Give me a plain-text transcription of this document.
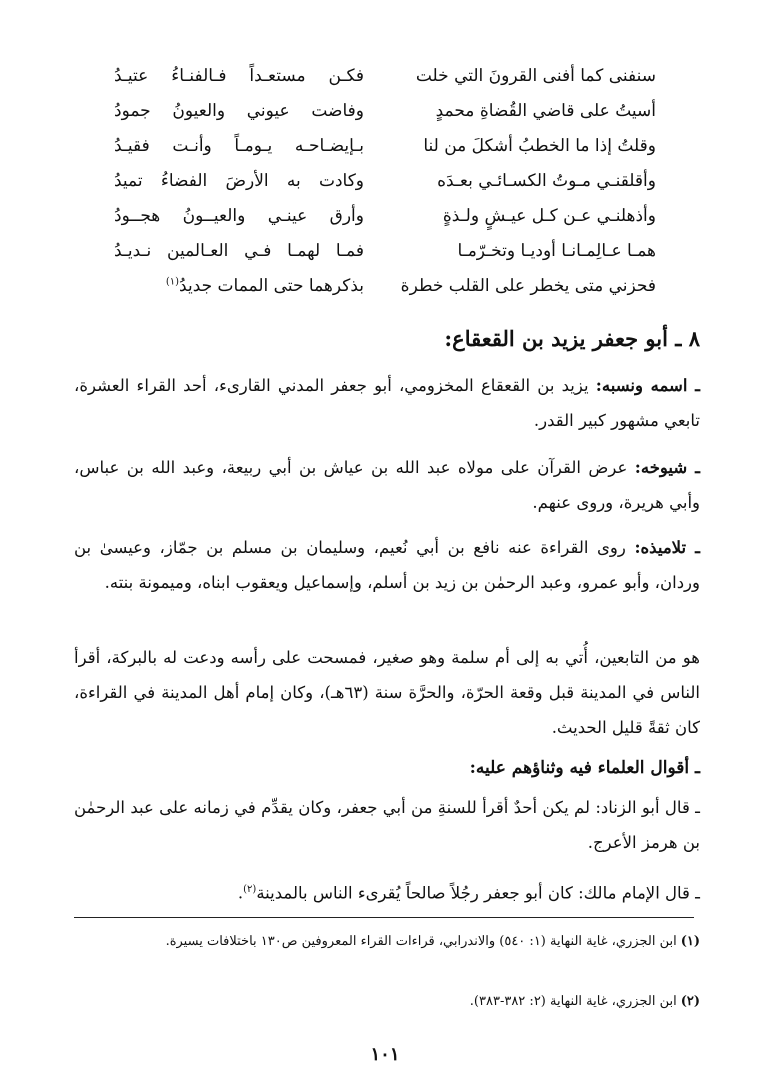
سنفنى كما أفنى القرونَ التي خلت
فكـن مستعـداً فـالفنـاءُ عتيـدُ
أسيتُ على قاضي القُضاةِ محمدٍ
وفاضت عيوني والعيونُ جمودُ
وقلتُ إذا ما الخطبُ أشكلَ من لنا
بـإيضـاحـه يـومـاً وأنـت فقيـدُ
وأقلقنـي مـوتُ الكسـائـي بعـدَه
وكادت به الأرضَ الفضاءُ تميدُ
وأذهلنـي عـن كـل عيـشٍ ولـذةٍ
وأرق عينـي والعيــونُ هجــودُ
همـا عـالِمـانـا أوديـا وتخـرّمـا
فمـا لهمـا فـي العـالمين نـديـدُ
فحزني متى يخطر على القلب خطرة
بذكرهما حتى الممات جديدُ$^{(١)}$
٨ ـ أبو جعفر يزيد بن القعقاع:
ـ اسمه ونسبه: يزيد بن القعقاع المخزومي، أبو جعفر المدني القارىء، أحد القراء العشرة، تابعي مشهور كبير القدر.
ـ شيوخه: عرض القرآن على مولاه عبد الله بن عياش بن أبي ربيعة، وعبد الله بن عباس، وأبي هريرة، وروى عنهم.
ـ تلاميذه: روى القراءة عنه نافع بن أبي نُعيم، وسليمان بن مسلم بن جمّاز، وعيسىٰ بن وردان، وأبو عمرو، وعبد الرحمٰن بن زيد بن أسلم، وإسماعيل ويعقوب ابناه، وميمونة بنته.
هو من التابعين، أُتي به إلى أم سلمة وهو صغير، فمسحت على رأسه ودعت له بالبركة، أقرأ الناس في المدينة قبل وقعة الحرّة، والحرَّة سنة (٦٣هـ)، وكان إمام أهل المدينة في القراءة، كان ثقةً قليل الحديث.
ـ أقوال العلماء فيه وثناؤهم عليه:
ـ قال أبو الزناد: لم يكن أحدٌ أقرأ للسنةِ من أبي جعفر، وكان يقدِّم في زمانه على عبد الرحمٰن بن هرمز الأعرج.
ـ قال الإمام مالك: كان أبو جعفر رجُلاً صالحاً يُقرىء الناس بالمدينة$^{(٢)}$.
(١)ابن الجزري، غاية النهاية (١: ٥٤٠) والاندرابي، قراءات القراء المعروفين ص١٣٠ باختلافات يسيرة.
(٢)ابن الجزري، غاية النهاية (٢: ٣٨٢-٣٨٣).
١٠١
